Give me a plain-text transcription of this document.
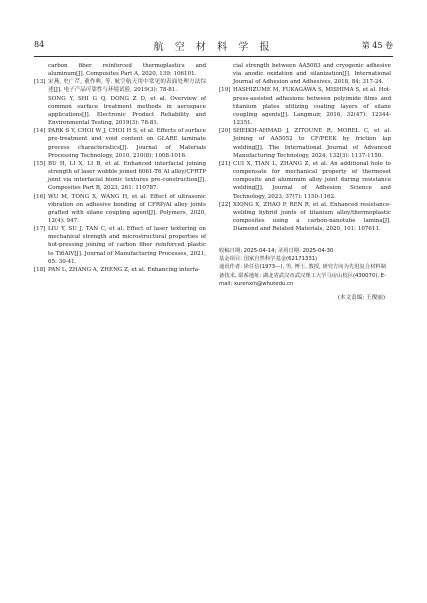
84	航 空 材 料 学 报	第 45 卷
carbon fiber reinforced thermoplastics and aluminum[J]. Composites Part A, 2020, 139: 106101.
[13] 宋燕, 史广芹, 董作典, 等. 航空航天用中常见的表面处理方法综述[J]. 电子产品可靠性与环境试验, 2019(3): 78-81.
SONG Y, SHI G Q, DONG Z D, et al. Overview of common surface treatment methods in aerospace applications[J]. Electronic Product Reliability and Environmental Testing, 2019(3): 78-81.
[14] PARK S Y, CHOI W J, CHOI H S, et al. Effects of surface pre-treatment and void content on GLARE laminate process characteristics[J]. Journal of Materials Processing Technology, 2010, 210(8): 1008-1016.
[15] BU H, LI X, LI B, et al. Enhanced interfacial joining strength of laser wobble joined 6061-T6 Al alloy/CFRTP joint via interfacial bionic textures pre-construction[J]. Composites Part B, 2023, 261: 110787.
[16] WU M, TONG X, WANG H, et al. Effect of ultrasonic vibration on adhesive bonding of CFRP/Al alloy joints grafted with silane coupling agent[J]. Polymers, 2020, 12(4): 947.
[17] LIU Y, SU J, TAN C, et al. Effect of laser texturing on mechanical strength and microstructural properties of hot-pressing joining of carbon fiber reinforced plastic to Ti6AlV[J]. Journal of Manufacturing Processes, 2021, 65: 30-41.
[18] PAN L, ZHANG A, ZHENG Z, et al. Enhancing interfa-
cial strength between AA5083 and cryogenic adhesive via anodic oxidation and silanization[J]. International Journal of Adhesion and Adhesives, 2018, 84: 317-24.
[19] HASHIZUME M, FUKAGAWA S, MISHIMA S, et al. Hot-press-assisted adhesions between polyimide films and titanium plates utilizing coating layers of silane coupling agents[J]. Langmuir, 2016, 32(47): 12344-12351.
[20] SHEIKH-AHMAD J, ZITOUNE R, MOREL C, et al. Joining of AA5052 to CF/PEEK by friction lap welding[J]. The International Journal of Advanced Manufacturing Technology, 2024, 132(3): 1137-1150.
[21] CUI X, TIAN L, ZHANG Z, et al. An additional hole to compensate for mechanical property of thermoset composite and aluminum alloy joint during resistance welding[J]. Journal of Adhesion Science and Technology, 2023, 37(7): 1150-1162.
[22] XIONG X, ZHAO P, REN R, et al. Enhanced resistance-welding hybrid joints of titanium alloy/thermoplastic composites using a carbon-nanotube lamina[J]. Diamond and Related Materials, 2020, 101: 107611.
收稿日期: 2025-04-14; 录用日期: 2025-04-30
基金项目: 国家自然科学基金(62171331)
通讯作者: 徐任信(1973—), 男, 博士, 教授, 研究方向为先进复合材料制备技术, 联系地址: 湖北省武汉市武汉理工大学马房山校区(430070), E-mail: xurenxin@whutedu.cn
(本文责编: 王俊丽)
